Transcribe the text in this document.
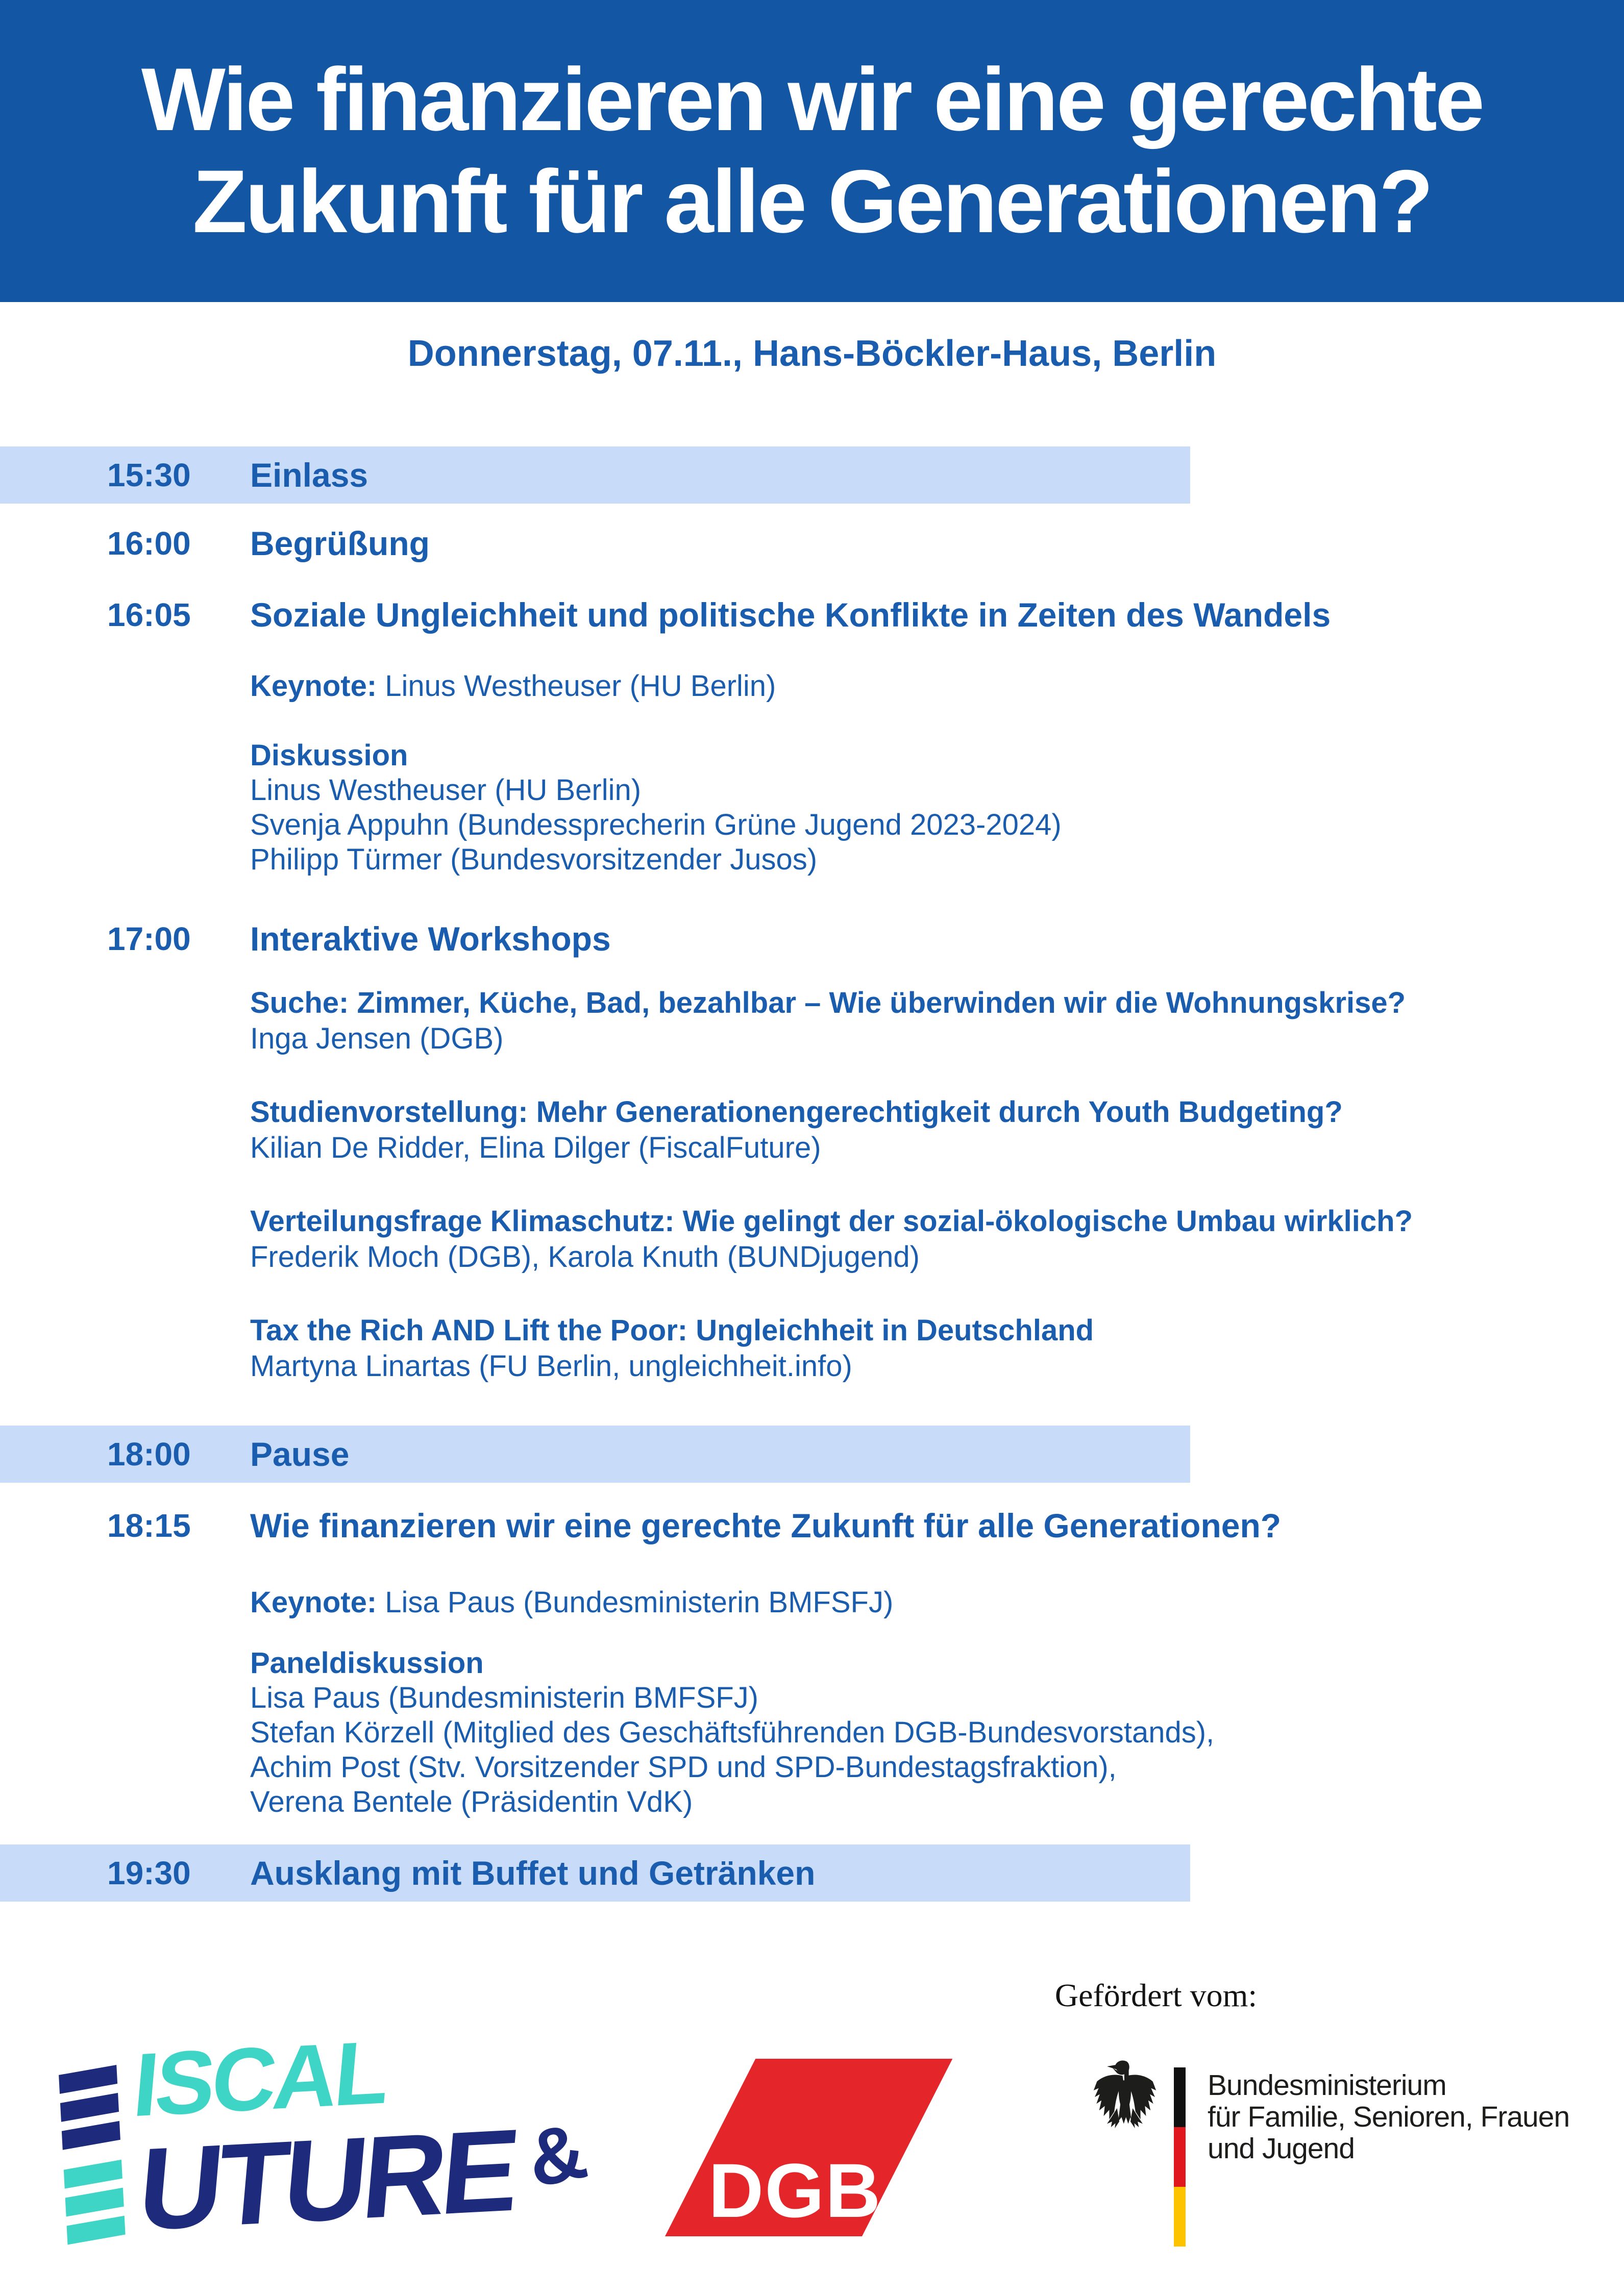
Wie finanzieren wir eine gerechte
Zukunft für alle Generationen?
Donnerstag, 07.11., Hans-Böckler-Haus, Berlin
15:30	Einlass
16:00	Begrüßung
16:05	Soziale Ungleichheit und politische Konflikte in Zeiten des Wandels
Keynote: Linus Westheuser (HU Berlin)
Diskussion
Linus Westheuser (HU Berlin)
Svenja Appuhn (Bundessprecherin Grüne Jugend 2023-2024)
Philipp Türmer (Bundesvorsitzender Jusos)
17:00	Interaktive Workshops
Suche: Zimmer, Küche, Bad, bezahlbar – Wie überwinden wir die Wohnungskrise?
Inga Jensen (DGB)
Studienvorstellung: Mehr Generationengerechtigkeit durch Youth Budgeting?
Kilian De Ridder, Elina Dilger (FiscalFuture)
Verteilungsfrage Klimaschutz: Wie gelingt der sozial-ökologische Umbau wirklich?
Frederik Moch (DGB), Karola Knuth (BUNDjugend)
Tax the Rich AND Lift the Poor: Ungleichheit in Deutschland
Martyna Linartas (FU Berlin, ungleichheit.info)
18:00	Pause
18:15	Wie finanzieren wir eine gerechte Zukunft für alle Generationen?
Keynote: Lisa Paus (Bundesministerin BMFSFJ)
Paneldiskussion
Lisa Paus (Bundesministerin BMFSFJ)
Stefan Körzell (Mitglied des Geschäftsführenden DGB-Bundesvorstands),
Achim Post (Stv. Vorsitzender SPD und SPD-Bundestagsfraktion),
Verena Bentele (Präsidentin VdK)
19:30	Ausklang mit Buffet und Getränken
Gefördert vom:
ISCAL
UTURE & DGB
Bundesministerium
für Familie, Senioren, Frauen
und Jugend
